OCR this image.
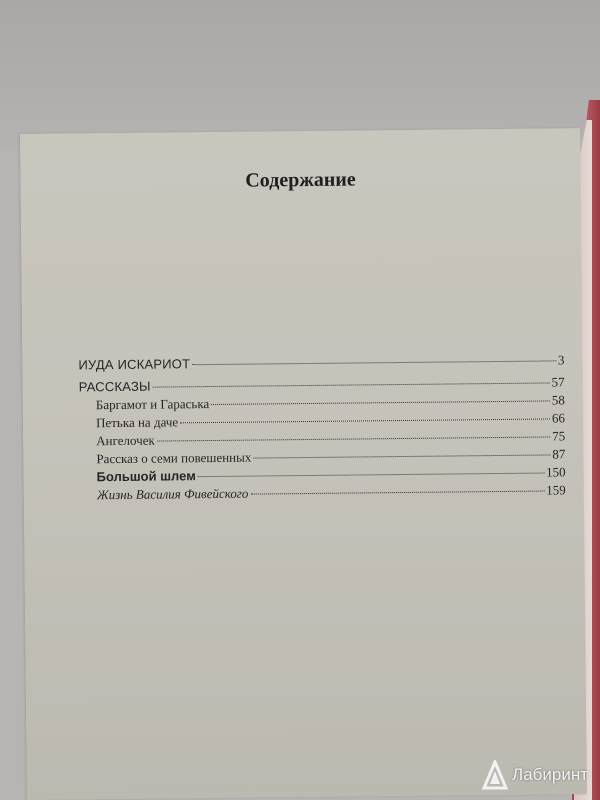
Содержание
ИУДА ИСКАРИОТ	3
РАССКАЗЫ	57
Баргамот и Гараська	58
Петька на даче	66
Ангелочек	75
Рассказ о семи повешенных	87
Большой шлем	150
Жизнь Василия Фивейского	159
Лабиринт
